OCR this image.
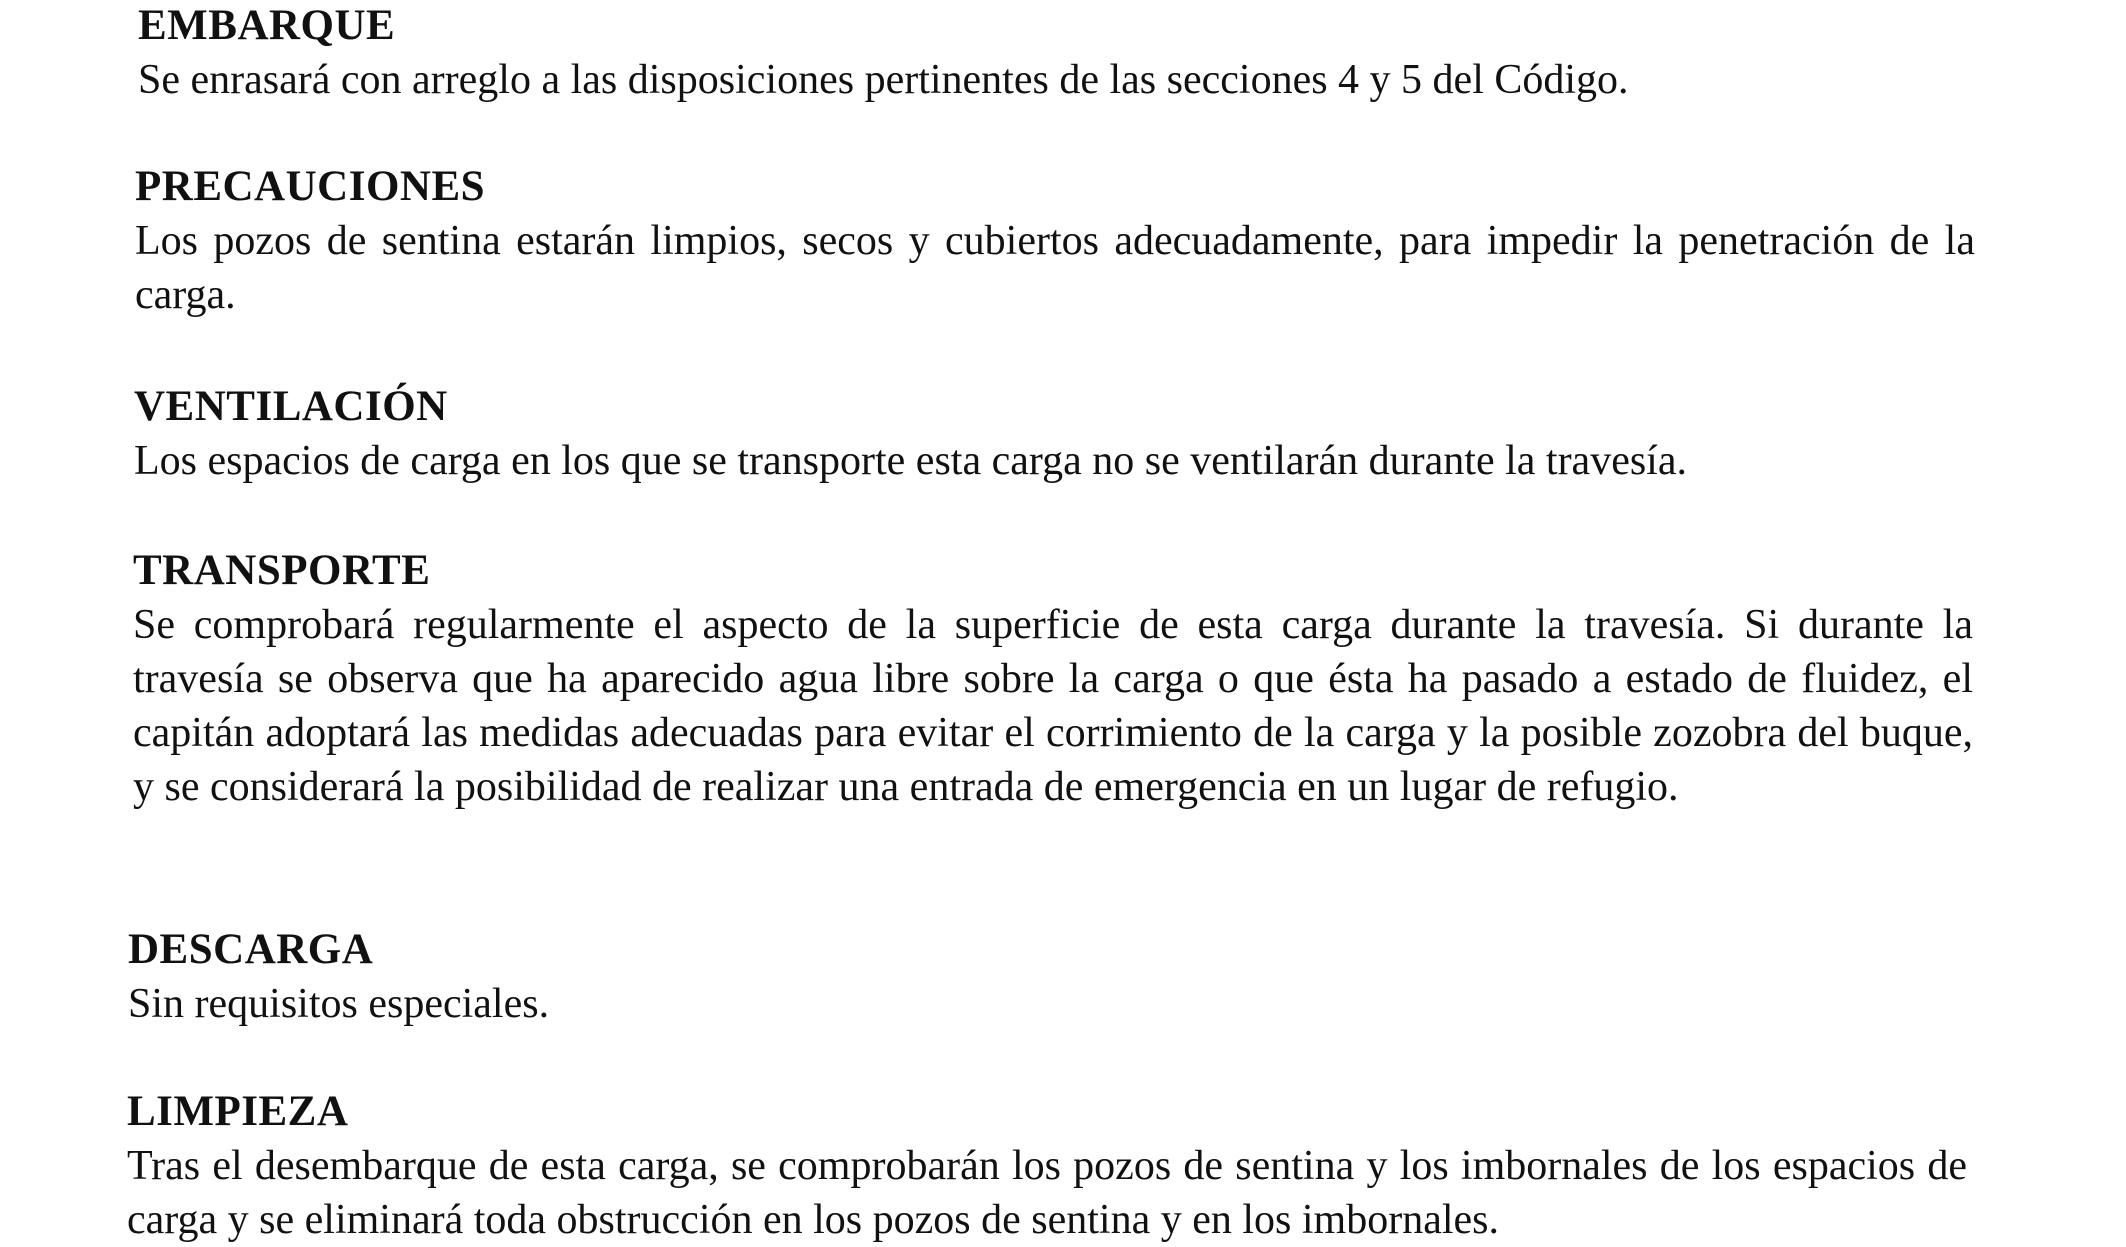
EMBARQUE

Se enrasará con arreglo a las disposiciones pertinentes de las secciones 4 y 5 del Código.

PRECAUCIONES

Los pozos de sentina estarán limpios, secos y cubiertos adecuadamente, para impedir la penetración de la carga.

VENTILACIÓN

Los espacios de carga en los que se transporte esta carga no se ventilarán durante la travesía.

TRANSPORTE

Se comprobará regularmente el aspecto de la superficie de esta carga durante la travesía. Si durante la travesía se observa que ha aparecido agua libre sobre la carga o que ésta ha pasado a estado de fluidez, el capitán adoptará las medidas adecuadas para evitar el corrimiento de la carga y la posible zozobra del buque, y se considerará la posibilidad de realizar una entrada de emergencia en un lugar de refugio.

DESCARGA

Sin requisitos especiales.

LIMPIEZA

Tras el desembarque de esta carga, se comprobarán los pozos de sentina y los imbornales de los espacios de carga y se eliminará toda obstrucción en los pozos de sentina y en los imbornales.
